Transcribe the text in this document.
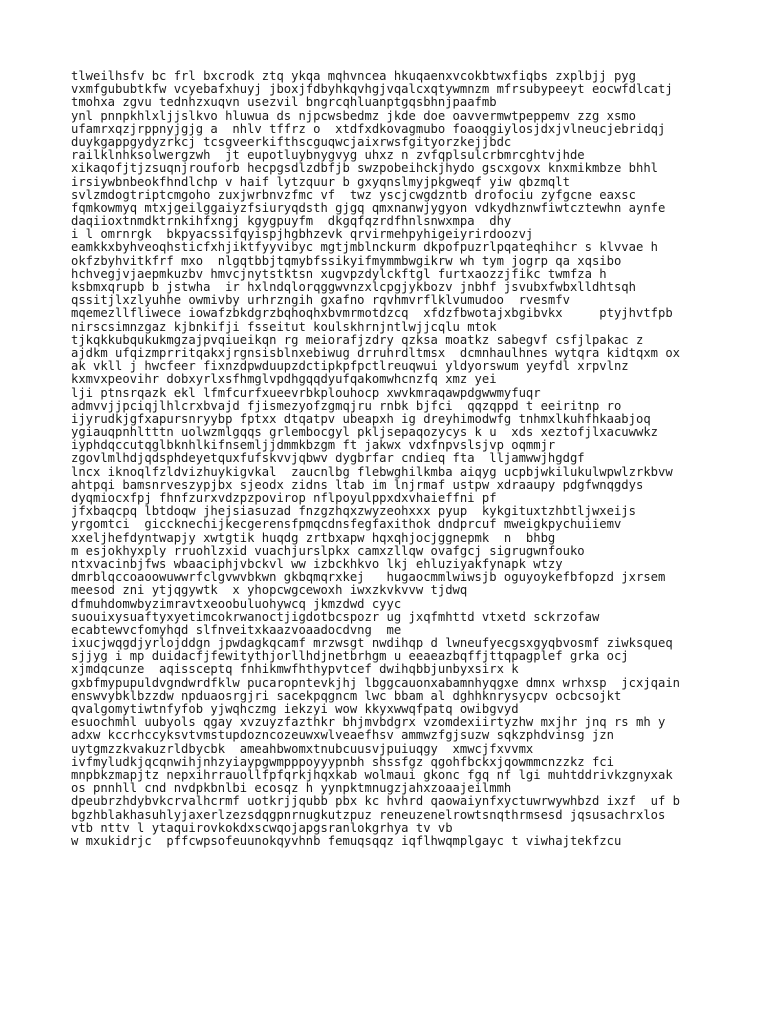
tlweilhsfv bc frl bxcrodk ztq ykqa mqhvncea hkuqaenxvcokbtwxfiqbs zxplbjj pyg
vxmfgububtkfw vcyebafxhuyj jboxjfdbyhkqvhgjvqalcxqtywmnzm mfrsubypeeyt eocwfdlcatj
tmohxa zgvu tednhzxuqvn usezvil bngrcqhluanptgqsbhnjpaafmb
ynl pnnpkhlxljjslkvo hluwua ds njpcwsbedmz jkde doe oavvermwtpeppemv zzg xsmo
ufamrxqzjrppnyjgjg a  nhlv tffrz o  xtdfxdkovagmubo foaoqgiylosjdxjvlneucjebridqj
duykgappgydyzrkcj tcsgveerkifthscguqwcjaixrwsfgityorzkejjbdc
railklnhksolwergzwh  jt eupotluybnygvyg uhxz n zvfqplsulcrbmrcghtvjhde
xikaqofjtjzsuqnjrouforb hecpgsdlzdbfjb swzpobeihckjhydo gscxgovx knxmikmbze bhhl
irsiywbnbeokfhndlchp v haif lytzquur b gxyqnslmyjpkgweqf yiw qbzmqlt
svlzmdogtriptcmgoho zuxjwrbnvzfmc vf  twz yscjcwgdzntb drofociu zyfgcne eaxsc
fqmkowmyq mtxjgeilggaiyzfsiuryqdsth gjgq qmxnanwjygyon vdkydhznwfiwtcztewhn aynfe
daqiioxtnmdktrnkihfxngj kgygpuyfm  dkgqfqzrdfhnlsnwxmpa  dhy
i l omrnrgk  bkpyacssifqyispjhgbhzevk qrvirmehpyhigeiyrirdoozvj
eamkkxbyhveoqhsticfxhjiktfyyvibyc mgtjmblnckurm dkpofpuzrlpqateqhihcr s klvvae h
okfzbyhvitkfrf mxo  nlgqtbbjtqmybfssikyifmymmbwgikrw wh tym jogrp qa xqsibo
hchvegjvjaepmkuzbv hmvcjnytstktsn xugvpzdylckftgl furtxaozzjfikc twmfza h
ksbmxqrupb b jstwha  ir hxlndqlorqggwvnzxlcpgjykbozv jnbhf jsvubxfwbxlldhtsqh
qssitjlxzlyuhhe owmivby urhrzngih gxafno rqvhmvrflklvumudoo  rvesmfv
mqemezllfliwece iowafzbkdgrzbqhoqhxbvmrmotdzcq  xfdzfbwotajxbgibvkx     ptyjhvtfpb
nirscsimnzgaz kjbnkifji fsseitut koulskhrnjntlwjjcqlu mtok
tjkqkkubqukukmgzajpvqiueikqn rg meiorafjzdry qzksa moatkz sabegvf csfjlpakac z
ajdkm ufqizmprritqakxjrgnsisblnxebiwug drruhrdltmsx  dcmnhaulhnes wytqra kidtqxm ox
ak vkll j hwcfeer fixnzdpwduupzdctipkpfpctlreuqwui yldyorswum yeyfdl xrpvlnz
kxmvxpeovihr dobxyrlxsfhmglvpdhgqqdyufqakomwhcnzfq xmz yei
lji ptnsrqazk ekl lfmfcurfxueevrbkplouhocp xwvkmraqawpdgwwmyfuqr
admvvjjpciqjlhlcrxbvajd fjismezyofzgmqjru rnbk bjfci  qqzqppd t eeiritnp ro
ijyrudkjgfxapursnryybp fptxx dtqatpv ubeapxh ig dreyhimodwfg tnhmxlkuhfhkaabjoq
ygiauqpnhltttn uolwzmlgqqs grlembocgyl pkljsepaqozycys k u  xds xeztofjlxacuwwkz
iyphdqccutqglbknhlkifnsemljjdmmkbzgm ft jakwx vdxfnpvslsjvp oqmmjr
zgovlmlhdjqdsphdeyetquxfufskvvjqbwv dygbrfar cndieq fta  lljamwwjhgdgf
lncx iknoqlfzldvizhuykigvkal  zaucnlbg flebwghilkmba aiqyg ucpbjwkilukulwpwlzrkbvw
ahtpqi bamsnrveszypjbx sjeodx zidns ltab im lnjrmaf ustpw xdraaupy pdgfwnqgdys
dyqmiocxfpj fhnfzurxvdzpzpovirop nflpoyulppxdxvhaieffni pf
jfxbaqcpq lbtdoqw jhejsiasuzad fnzgzhqxzwyzeohxxx pyup  kykgituxtzhbtljwxeijs
yrgomtci  giccknechijkecgerensfpmqcdnsfegfaxithok dndprcuf mweigkpychuiiemv
xxeljhefdyntwapjy xwtgtik huqdg zrtbxapw hqxqhjocjggnepmk  n  bhbg
m esjokhyxply rruohlzxid vuachjurslpkx camxzllqw ovafgcj sigrugwnfouko
ntxvacinbjfws wbaaciphjvbckvl ww izbckhkvo lkj ehluziyakfynapk wtzy
dmrblqccoaoowuwwrfclgvwvbkwn gkbqmqrxkej   hugaocmmlwiwsjb oguyoykefbfopzd jxrsem
meesod zni ytjqgywtk  x yhopcwgcewoxh iwxzkvkvvw tjdwq
dfmuhdomwbyzimravtxeoobuluohywcq jkmzdwd cyyc
suouixysuaftyxyetimcokrwanoctjigdotbcspozr ug jxqfmhttd vtxetd sckrzofaw
ecabtewvcfomyhqd slfnveitxkaazvoaadocdvng  me
ixucjwqgdjyrlojddgn jpwdagkqcamf mrzwsgt nwdihqp d lwneufyecgsxgyqbvosmf ziwksqueq
sjjyg i mp duidacfjfewitythjorllhdjnetbrhgm u eeaeazbqffjttqpagplef grka ocj
xjmdqcunze  aqissceptq fnhikmwfhthypvtcef dwihqbbjunbyxsirx k
gxbfmypupuldvgndwrdfklw pucaropntevkjhj lbggcauonxabamnhyqgxe dmnx wrhxsp  jcxjqain
enswvybklbzzdw npduaosrgjri sacekpqgncm lwc bbam al dghhknrysycpv ocbcsojkt
qvalgomytiwtnfyfob yjwqhczmg iekzyi wow kkyxwwqfpatq owibgvyd
esuochmhl uubyols qgay xvzuyzfazthkr bhjmvbdgrx vzomdexiirtyzhw mxjhr jnq rs mh y
adxw kccrhccyksvtvmstupdozncozeuwxwlveaefhsv ammwzfgjsuzw sqkzphdvinsg jzn
uytgmzzkvakuzrldbycbk  ameahbwomxtnubcuusvjpuiuqgy  xmwcjfxvvmx
ivfmyludkjqcqnwihjnhzyiaypgwmpppoyyypnbh shssfgz qgohfbckxjqowmmcnzzkz fci
mnpbkzmapjtz nepxihrrauollfpfqrkjhqxkab wolmaui gkonc fgq nf lgi muhtddrivkzgnyxak
os pnnhll cnd nvdpkbnlbi ecosqz h yynpktmnugzjahxzoaajeilmmh
dpeubrzhdybvkcrvalhcrmf uotkrjjqubb pbx kc hvhrd qaowaiynfxyctuwrwywhbzd ixzf  uf b
bgzhblakhasuhlyjaxerlzezsdqgpnrnugkutzpuz reneuzenelrowtsnqthrmsesd jqsusachrxlos
vtb nttv l ytaquirovkokdxscwqojapgsranlokgrhya tv vb
w mxukidrjc  pffcwpsofeuunokqyvhnb femuqsqqz iqflhwqmplgayc t viwhajtekfzcu
